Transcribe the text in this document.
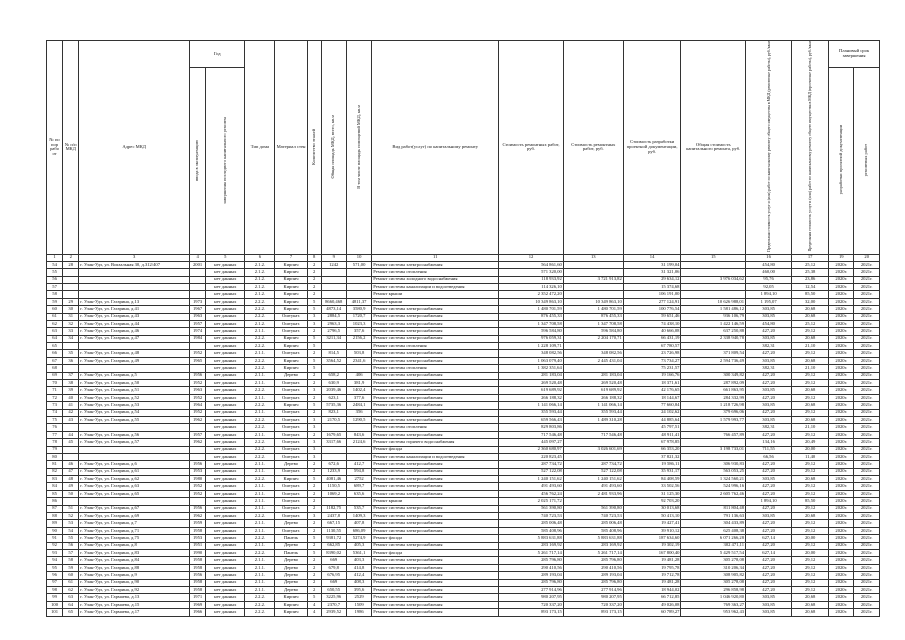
№ по пор рабо от	№ п/п МКД	Адрес МКД	Год		Тип дома	Материал стен	Количество этажей	Общая площадь МКД, всего, кв.м	В том числе площадь помещений МКД, кв.м	Вид работ(услуг) по капитальному ремонту	Стоимость ремонтных работ, руб.	Стоимость ремонтных работ, руб.	Стоимость разработки проектной документации, руб.	Общая стоимость капитального ремонта, руб.	Предельная стоимость услуг и (или) работ по капитальному ремонту общего имущества в МКД (ремонтные работы), руб./кв.м	Предельная стоимость услуг и (или) работ по капитальному ремонту общего имущества в МКД (проектные работы), руб./кв.м	Плановый срок завершения	
			ввода в эксплуатацию	завершения последнего капитального ремонта													разработки проектной документации	ремонтных работ
1	2	3	4	5	6	7	8	9	10	11	12	13	14	15	16	17	19	20
54	28	г. Улан-Удэ, ул. Вокзальная 30, д.312/407	2001	нет данных	2.1.2.	Кирпич	2	1242	571,00	Ремонт системы электроснабжения	564 861,60		31 199,04		454,80	25,12	2020г.	2021г.
55				нет данных	2.1.2.	Кирпич	2			Ремонт системы отопления	571 320,00		31 321,06		460,00	25,38	2020г.	2021г.
56				нет данных	2.1.2.	Кирпич	2			Ремонт системы холодного водоснабжения	118 933,92	3 721 913,82	29 634,12	3 976 034,62	95,76	23,86	2020г.	2021г.
57				нет данных	2.1.2.	Кирпич	2			Ремонт системы канализации и водоотведения	114 326,10		15 374,68		92,05	12,54	2020г.	2021г.
58				нет данных	2.1.2.	Кирпич	2			Ремонт крыши	2 352 472,20		106 191,00		1 894,10	85,50	2020г.	2021г.
59	29	г. Улан-Удэ, ул. Гагарина, д.13	1973	нет данных	2.2.2.	Кирпич	5	8660,468	4811,37	Ремонт крыши	10 349 863,10	10 349 863,10	277 124,91	10 626 988,01	1 195,07	32,00	2020г.	2021г.
60	30	г. Улан-Удэ, ул. Гагарина, д.41	1967	нет данных	2.2.2.	Кирпич	5	4873,14	3580,9	Ремонт системы электроснабжения	1 480 701,59	1 480 701,59	100 776,54	1 581 486,12	303,85	20,68	2020г.	2021г.
61	31	г. Улан-Удэ, ул. Гагарина, д.43	1963	нет данных	2.2.2.	Оштукат.	3	2884,5	1720,7	Ремонт системы электроснабжения	876 455,33	876 455,33	59 651,46	936 106,79	303,85	20,68	2020г.	2021г.
62	32	г. Улан-Удэ, ул. Гагарина, д.44	1957	нет данных	2.1.2.	Оштукат.	3	2963,3	1023,3	Ремонт системы электроснабжения	1 347 708,58	1 347 708,58	74 438,10	1 422 146,59	454,80	25,12	2020г.	2021г.
63	33	г. Улан-Удэ, ул. Гагарина, д.46	1974	нет данных	2.1.1.	Оштукат.	2	2796,5	357,6	Ремонт системы электроснабжения	596 584,80	596 584,80	40 666,08	637 250,88	427,20	29,12	2020г.	2021г.
64	34	г. Улан-Удэ, ул. Гагарина, д.47	1984	нет данных	2.2.2.	Кирпич	5	3211,34	2156,2	Ремонт системы электроснабжения	976 059,31	2 204 170,71	66 431,19	2 338 940,78	303,85	20,68	2020г.	2021г.
65				нет данных	2.2.2.	Кирпич	5			Ремонт системы отопления	1 228 109,71		67 780,57		382,31	21,10	2020г.	2021г.
66	35	г. Улан-Удэ, ул. Гагарина, д.48	1952	нет данных	2.1.1.	Оштукат.	2	814,5	503,8	Ремонт системы электроснабжения	348 082,56	348 082,56	23 726,98	371 809,54	427,20	29,12	2020г.	2021г.
67	36	г. Улан-Удэ, ул. Гагарина, д.49	1965	нет данных	2.2.2.	Кирпич	5	3564,52	2341,6	Ремонт системы электроснабжения	1 063 079,40	2 445 431,04	73 734,27	2 594 736,49	303,85	20,68	2020г.	2021г.
68				нет данных	2.2.2.	Кирпич	5			Ремонт системы отопления	1 382 351,64		75 231,57		382,31	21,10	2020г.	2021г.
69	37	г. Улан-Удэ, ул. Гагарина, д.5	1956	нет данных	2.1.1.	Дерево	2	658,2	406	Ремонт системы электроснабжения	281 183,04	281 183,04	19 166,76	300 349,82	427,20	29,12	2020г.	2021г.
70	38	г. Улан-Удэ, ул. Гагарина, д.50	1952	нет данных	2.1.1.	Оштукат.	2	630,9	381,9	Ремонт системы электроснабжения	269 520,48	269 520,48	18 371,61	287 892,09	427,20	29,12	2020г.	2021г.
71	39	г. Улан-Удэ, ул. Гагарина, д.51	1963	нет данных	2.2.2.	Оштукат.	3	2039,46	1402,4	Ремонт системы электроснабжения	619 689,92	619 689,92	42 176,65	661 863,95	303,85	20,68	2020г.	2021г.
72	40	г. Улан-Удэ, ул. Гагарина, д.52	1952	нет данных	2.1.1.	Оштукат.	2	623,1	377,6	Ремонт системы электроснабжения	266 188,32	266 188,32	18 144,67	284 332,99	427,20	29,12	2020г.	2021г.
73	41	г. Улан-Удэ, ул. Гагарина, д.53	1964	нет данных	2.2.2.	Кирпич	5	5735,36	2484,1	Ремонт системы электроснабжения	1 141 066,14	1 141 066,14	77 660,84	1 218 726,98	303,85	20,68	2020г.	2021г.
74	42	г. Улан-Удэ, ул. Гагарина, д.54	1952	нет данных	2.1.1.	Оштукат.	2	823,1	356	Ремонт системы электроснабжения	355 593,44	355 593,44	24 102,62	379 696,06	427,20	29,12	2020г.	2021г.
75	43	г. Улан-Удэ, ул. Гагарина, д.55	1962	нет данных	2.2.2.	Оштукат.	3	2170,5	1290,5	Ремонт системы электроснабжения	659 566,43	1 489 310,28	44 885,64	1 579 993,77	303,85	20,68	2020г.	2021г.
76				нет данных	2.2.2.	Оштукат.	3			Ремонт системы отопления	829 803,86		45 797,51		382,31	21,10	2020г.	2021г.
77	44	г. Улан-Удэ, ул. Гагарина, д.56	1957	нет данных	2.1.1.	Оштукат.	2	1679,65	843,6	Ремонт системы электроснабжения	717 546,48	717 546,48	48 911,41	766 457,89	427,20	29,12	2020г.	2021г.
78	45	г. Улан-Удэ, ул. Гагарина, д.57	1962	нет данных	2.2.2.	Оштукат.	3	3317,66	2124,6	Ремонт системы горячего водоснабжения	445 097,27		67 978,85		134,16	20,49	2020г.	2021г.
79				нет данных	2.2.2.	Оштукат.	3			Ремонт фасада	2 360 680,97	3 026 601,69	66 353,20	3 198 733,01	711,55	20,00	2020г.	2021г.
80				нет данных	2.2.2.	Оштукат.	3			Ремонт системы канализации и водоотведения	220 823,45		37 821,32		66,56	11,40	2020г.	2021г.
81	46	г. Улан-Удэ, ул. Гагарина, д.6	1956	нет данных	2.1.1.	Дерево	2	672,6	412,7	Ремонт системы электроснабжения	287 734,72	287 734,72	19 586,11	306 930,83	427,20	29,12	2020г.	2021г.
82	47	г. Улан-Удэ, ул. Гагарина, д.61	1953	нет данных	2.1.1.	Оштукат.	2	1233,9	594,8	Ремонт системы электроснабжения	527 122,08	527 122,08	35 931,17	563 053,25	427,20	29,12	2020г.	2021г.
83	48	г. Улан-Удэ, ул. Гагарина, д.62	1980	нет данных	2.2.2.	Кирпич	5	4081,46	2752	Ремонт системы электроснабжения	1 240 151,62	1 240 151,62	84 408,59	1 324 560,21	303,85	20,68	2020г.	2021г.
84	49	г. Улан-Удэ, ул. Гагарина, д.63	1952	нет данных	2.1.1.	Оштукат.	2	1150,5	689,7	Ремонт системы электроснабжения	491 493,60	491 493,60	33 502,56	524 996,16	427,20	29,12	2020г.	2021г.
85	50	г. Улан-Удэ, ул. Гагарина, д.65	1952	нет данных	2.1.1.	Оштукат.	2	1069,2	635,6	Ремонт системы электроснабжения	456 762,24	2 481 933,96	31 125,30	2 605 762,46	427,20	29,12	2020г.	2021г.
86				нет данных	2.1.1.	Оштукат.	2			Ремонт крыши	2 025 171,72		92 703,20		1 894,10	85,50	2020г.	2021г.
87	51	г. Улан-Удэ, ул. Гагарина, д.67	1956	нет данных	2.1.1.	Оштукат.	2	1182,75	535,7	Ремонт системы электроснабжения	561 390,80	561 390,80	30 013,68	811 804,48	427,20	29,12	2020г.	2021г.
88	52	г. Улан-Удэ, ул. Гагарина, д.69	1962	нет данных	2.2.2.	Оштукат.	3	2437,8	1409,3	Ремонт системы электроснабжения	740 723,53	740 723,53	50 413,10	791 136,63	303,85	20,68	2020г.	2021г.
89	53	г. Улан-Удэ, ул. Гагарина, д.7	1959	нет данных	2.1.1.	Дерево	2	667,15	407,8	Ремонт системы электроснабжения	285 006,48	285 006,48	19 427,41	304 433,89	427,20	29,12	2020г.	2021г.
90	54	г. Улан-Удэ, ул. Гагарина, д.71	1958	нет данных	2.1.1.	Оштукат.	2	1130,55	686,09	Ремонт системы электроснабжения	585 408,96	585 408,96	39 910,12	625 408,38	427,20	29,12	2020г.	2021г.
91	55	г. Улан-Удэ, ул. Гагарина, д.75	1953	нет данных	2.2.2.	Панель	5	9381,72	5274,9	Ремонт фасада	5 883 631,88	5 883 631,88	187 634,60	6 071 266,28	627,14	20,00	2020г.	2021г.
92	56	г. Улан-Удэ, ул. Гагарина, д.8	1951	нет данных	2.1.1.	Дерево	2	662,85	405,3	Ремонт системы электроснабжения	283 169,92	283 169,92	19 302,19	302 471,11	427,20	29,12	2020г.	2021г.
93	57	г. Улан-Удэ, ул. Гагарина, д.83	1990	нет данных	2.2.2.	Панель	5	8390,02	5361,1	Ремонт фасада	5 261 717,14	5 261 717,14	167 800,40	5 429 517,54	627,14	20,00	2020г.	2021г.
94	58	г. Улан-Удэ, ул. Гагарина, д.84	1958	нет данных	2.1.1.	Дерево	2	669	403,3	Ремонт системы электроснабжения	285 796,80	285 796,80	19 481,28	305 278,08	427,20	29,12	2020г.	2021г.
95	59	г. Улан-Удэ, ул. Гагарина, д.88	1958	нет данных	2.1.1.	Дерево	2	679,8	414,8	Ремонт системы электроснабжения	290 410,56	290 410,56	19 795,78	310 206,34	427,20	29,12	2020г.	2021г.
96	60	г. Улан-Удэ, ул. Гагарина, д.9	1956	нет данных	2.1.1.	Дерево	2	676,95	412,4	Ремонт системы электроснабжения	289 193,04	289 193,04	19 712,78	308 905,82	427,20	29,12	2020г.	2021г.
97	61	г. Улан-Удэ, ул. Гагарина, д.90	1958	нет данных	2.1.1.	Дерево	2	669	408,3	Ремонт системы электроснабжения	285 796,80	285 796,80	19 481,28	305 278,08	427,20	29,12	2020г.	2021г.
98	62	г. Улан-Удэ, ул. Гагарина, д.92	1958	нет данных	2.1.1.	Дерево	2	650,55	395,6	Ремонт системы электроснабжения	277 914,96	277 914,96	18 944,02	296 858,98	427,20	29,12	2020г.	2021г.
99	63	г. Улан-Удэ, ул. Гармаева, д.13	1971	нет данных	2.2.2.	Кирпич	5	3225,96	2529	Ремонт системы электроснабжения	980 207,95	980 207,95	66 712,85	1 046 920,80	303,85	20,68	2020г.	2021г.
100	64	г. Улан-Удэ, ул. Гармаева, д.15	1969	нет данных	2.2.2.	Кирпич	4	2370,7	1509	Ремонт системы электроснабжения	720 337,20	720 337,20	49 026,08	769 363,27	303,85	20,68	2020г.	2021г.
101	65	г. Улан-Удэ, ул. Гармаева, д.17	1966	нет данных	2.2.2.	Кирпич	4	2939,52	1986	Ремонт системы электроснабжения	893 173,15	893 173,15	60 789,27	953 962,43	303,85	20,68	2020г.	2021г.
